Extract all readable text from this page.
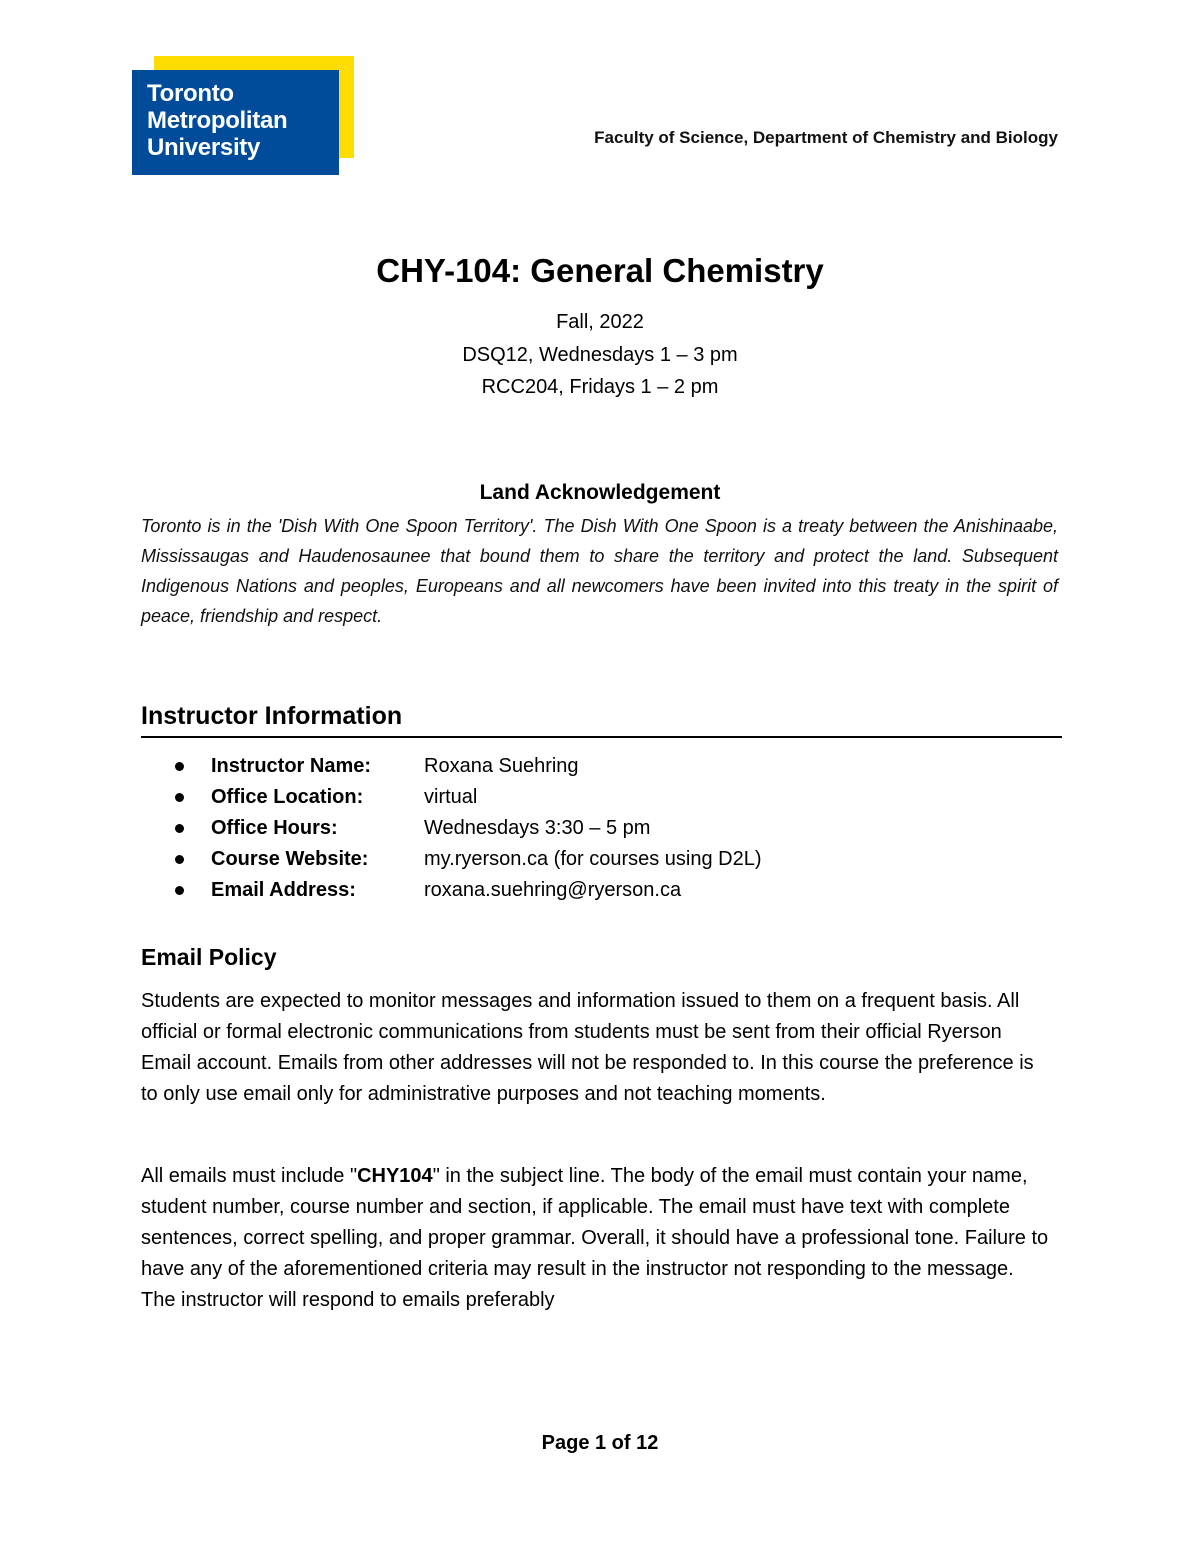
Toronto
Metropolitan
University	Faculty of Science, Department of Chemistry and Biology
CHY-104: General Chemistry
Fall, 2022
DSQ12, Wednesdays 1 – 3 pm
RCC204, Fridays 1 – 2 pm
Land Acknowledgement
Toronto is in the 'Dish With One Spoon Territory'. The Dish With One Spoon is a treaty between the Anishinaabe, Mississaugas and Haudenosaunee that bound them to share the territory and protect the land. Subsequent Indigenous Nations and peoples, Europeans and all newcomers have been invited into this treaty in the spirit of peace, friendship and respect.
Instructor Information
Instructor Name:	Roxana Suehring
Office Location:	virtual
Office Hours:	Wednesdays 3:30 – 5 pm
Course Website:	my.ryerson.ca (for courses using D2L)
Email Address:	roxana.suehring@ryerson.ca
Email Policy
Students are expected to monitor messages and information issued to them on a frequent basis. All official or formal electronic communications from students must be sent from their official Ryerson Email account. Emails from other addresses will not be responded to. In this course the preference is to only use email only for administrative purposes and not teaching moments.
All emails must include "CHY104" in the subject line. The body of the email must contain your name, student number, course number and section, if applicable. The email must have text with complete sentences, correct spelling, and proper grammar. Overall, it should have a professional tone. Failure to have any of the aforementioned criteria may result in the instructor not responding to the message. The instructor will respond to emails preferably
Page 1 of 12
